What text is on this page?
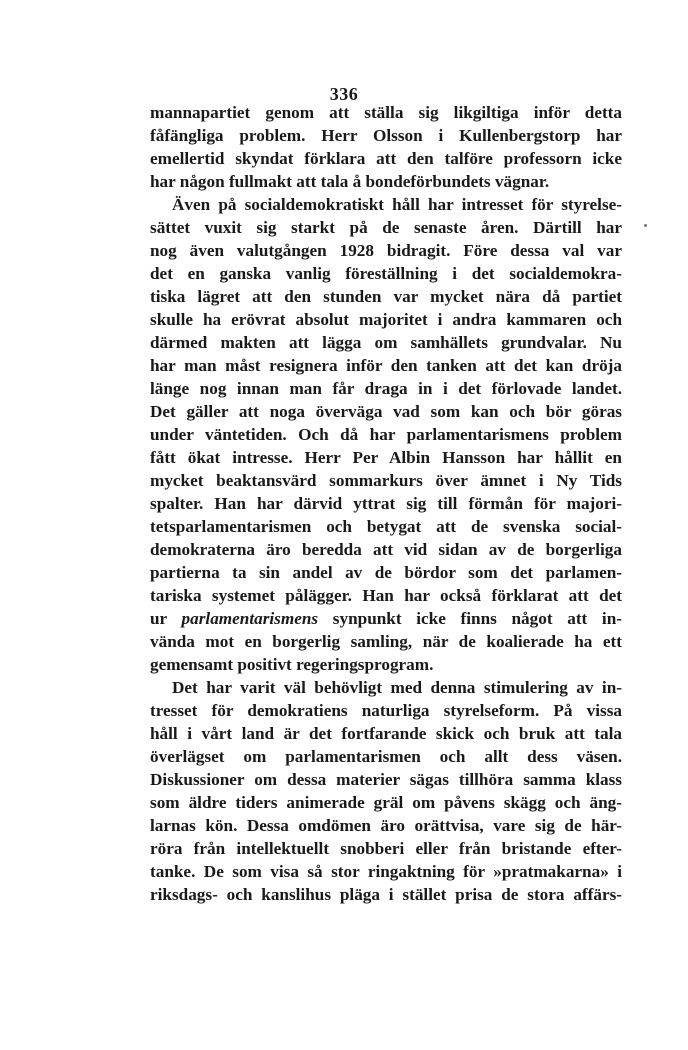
336
mannapartiet genom att ställa sig likgiltiga inför detta
fåfängliga problem. Herr Olsson i Kullenbergstorp har
emellertid skyndat förklara att den talföre professorn icke
har någon fullmakt att tala å bondeförbundets vägnar.
Även på socialdemokratiskt håll har intresset för styrelse-
sättet vuxit sig starkt på de senaste åren. Därtill har
nog även valutgången 1928 bidragit. Före dessa val var
det en ganska vanlig föreställning i det socialdemokra-
tiska lägret att den stunden var mycket nära då partiet
skulle ha erövrat absolut majoritet i andra kammaren och
därmed makten att lägga om samhällets grundvalar. Nu
har man måst resignera inför den tanken att det kan dröja
länge nog innan man får draga in i det förlovade landet.
Det gäller att noga överväga vad som kan och bör göras
under väntetiden. Och då har parlamentarismens problem
fått ökat intresse. Herr Per Albin Hansson har hållit en
mycket beaktansvärd sommarkurs över ämnet i Ny Tids
spalter. Han har därvid yttrat sig till förmån för majori-
tetsparlamentarismen och betygat att de svenska social-
demokraterna äro beredda att vid sidan av de borgerliga
partierna ta sin andel av de bördor som det parlamen-
tariska systemet pålägger. Han har också förklarat att det
ur parlamentarismens synpunkt icke finns något att in-
vända mot en borgerlig samling, när de koalierade ha ett
gemensamt positivt regeringsprogram.
Det har varit väl behövligt med denna stimulering av in-
tresset för demokratiens naturliga styrelseform. På vissa
håll i vårt land är det fortfarande skick och bruk att tala
överlägset om parlamentarismen och allt dess väsen.
Diskussioner om dessa materier sägas tillhöra samma klass
som äldre tiders animerade gräl om påvens skägg och äng-
larnas kön. Dessa omdömen äro orättvisa, vare sig de här-
röra från intellektuellt snobberi eller från bristande efter-
tanke. De som visa så stor ringaktning för »pratmakarna» i
riksdags- och kanslihus pläga i stället prisa de stora affärs-
